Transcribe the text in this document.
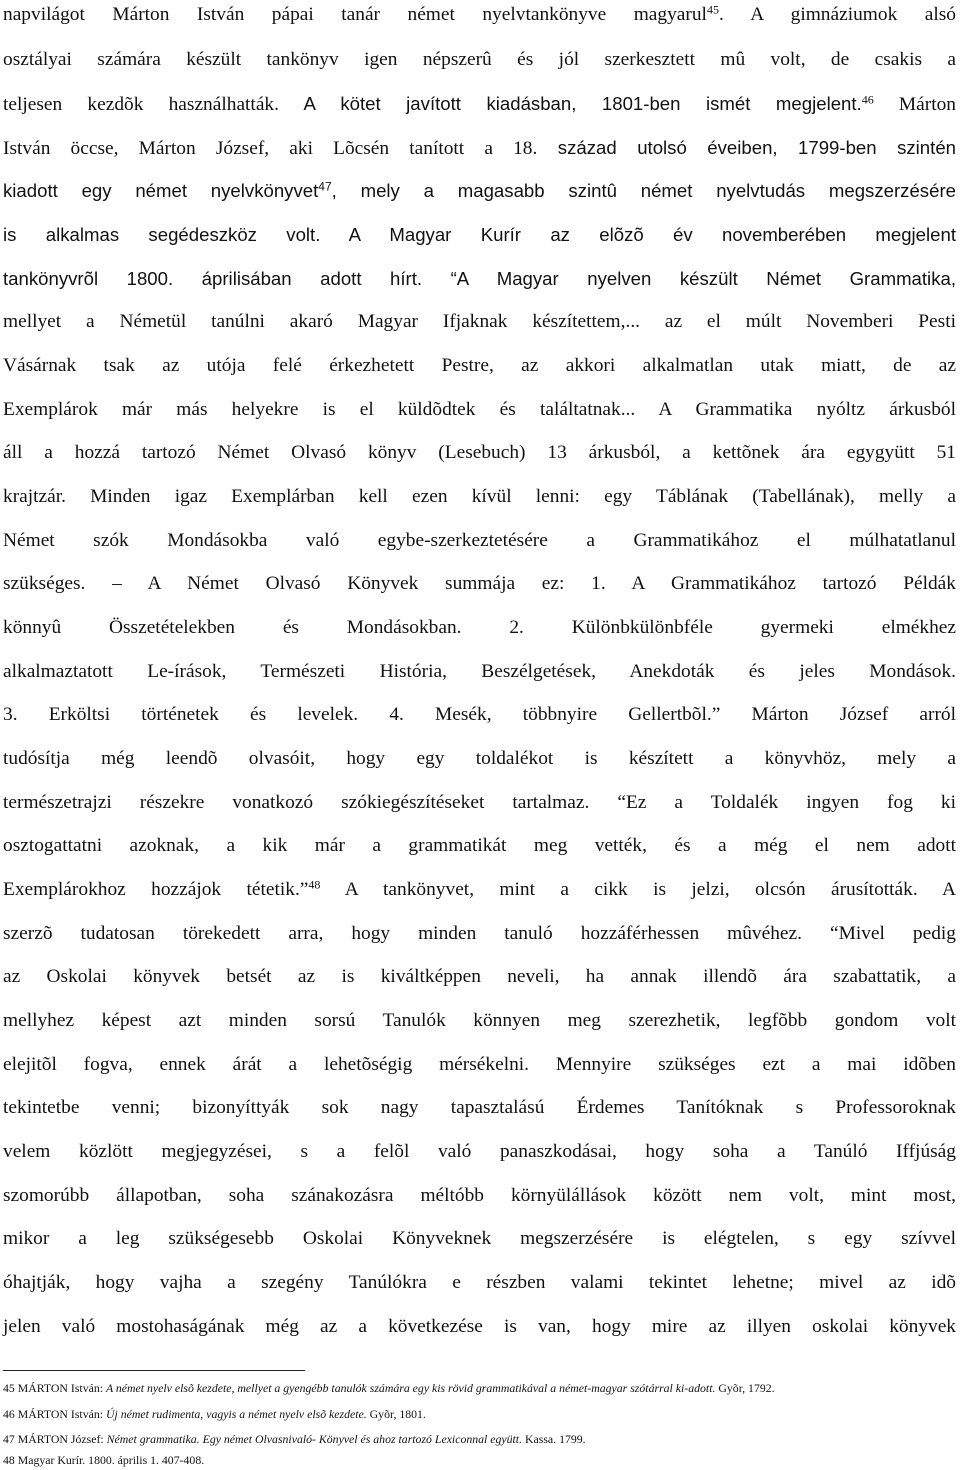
napvilágot Márton István pápai tanár német nyelvtankönyve magyarul$^{45}$. A gimnáziumok alsó
osztályai számára készült tankönyv igen népszerû és jól szerkesztett mû volt, de csakis a
teljesen kezdõk használhatták. A kötet javított kiadásban, 1801-ben ismét megjelent.$^{46}$ Márton
István öccse, Márton József, aki Lõcsén tanított a 18. század utolsó éveiben, 1799-ben szintén
kiadott egy német nyelvkönyvet$^{47}$, mely a magasabb szintû német nyelvtudás megszerzésére
is alkalmas segédeszköz volt. A Magyar Kurír az elõzõ év novemberében megjelent
tankönyvrõl 1800. áprilisában adott hírt. “A Magyar nyelven készült Német Grammatika,
mellyet a Németül tanúlni akaró Magyar Ifjaknak készítettem,... az el múlt Novemberi Pesti
Vásárnak tsak az utója felé érkezhetett Pestre, az akkori alkalmatlan utak miatt, de az
Exemplárok már más helyekre is el küldõdtek és találtatnak... A Grammatika nyóltz árkusból
áll a hozzá tartozó Német Olvasó könyv (Lesebuch) 13 árkusból, a kettõnek ára egygyütt 51
krajtzár. Minden igaz Exemplárban kell ezen kívül lenni: egy Táblának (Tabellának), melly a
Német szók Mondásokba való egybe-szerkeztetésére a Grammatikához el múlhatatlanul
szükséges. – A Német Olvasó Könyvek summája ez: 1. A Grammatikához tartozó Példák
könnyû Összetételekben és Mondásokban. 2. Különbkülönbféle gyermeki elmékhez
alkalmaztatott Le-írások, Természeti História, Beszélgetések, Anekdoták és jeles Mondások.
3. Erköltsi történetek és levelek. 4. Mesék, többnyire Gellertbõl.” Márton József arról
tudósítja még leendõ olvasóit, hogy egy toldalékot is készített a könyvhöz, mely a
természetrajzi részekre vonatkozó szókiegészítéseket tartalmaz. “Ez a Toldalék ingyen fog ki
osztogattatni azoknak, a kik már a grammatikát meg vették, és a még el nem adott
Exemplárokhoz hozzájok tétetik.”$^{48}$ A tankönyvet, mint a cikk is jelzi, olcsón árusították. A
szerzõ tudatosan törekedett arra, hogy minden tanuló hozzáférhessen mûvéhez. “Mivel pedig
az Oskolai könyvek betsét az is kiváltképpen neveli, ha annak illendõ ára szabattatik, a
mellyhez képest azt minden sorsú Tanulók könnyen meg szerezhetik, legfõbb gondom volt
elejitõl fogva, ennek árát a lehetõségig mérsékelni. Mennyire szükséges ezt a mai idõben
tekintetbe venni; bizonyíttyák sok nagy tapasztalású Érdemes Tanítóknak s Professoroknak
velem közlött megjegyzései, s a felõl való panaszkodásai, hogy soha a Tanúló Iffjúság
szomorúbb állapotban, soha szánakozásra méltóbb környülállások között nem volt, mint most,
mikor a leg szükségesebb Oskolai Könyveknek megszerzésére is elégtelen, s egy szívvel
óhajtják, hogy vajha a szegény Tanúlókra e részben valami tekintet lehetne; mivel az idõ
jelen való mostohaságának még az a következése is van, hogy mire az illyen oskolai könyvek
45 MÁRTON István: A német nyelv elsõ kezdete, mellyet a gyengébb tanulók számára egy kis rövid grammatikával a német-magyar szótárral ki-adott. Gyõr, 1792.
46 MÁRTON István: Új német rudimenta, vagyis a német nyelv elsõ kezdete. Gyõr, 1801.
47 MÁRTON József: Német grammatika. Egy német Olvasnivaló- Könyvel és ahoz tartozó Lexiconnal együtt. Kassa. 1799.
48 Magyar Kurír. 1800. április 1. 407-408.
